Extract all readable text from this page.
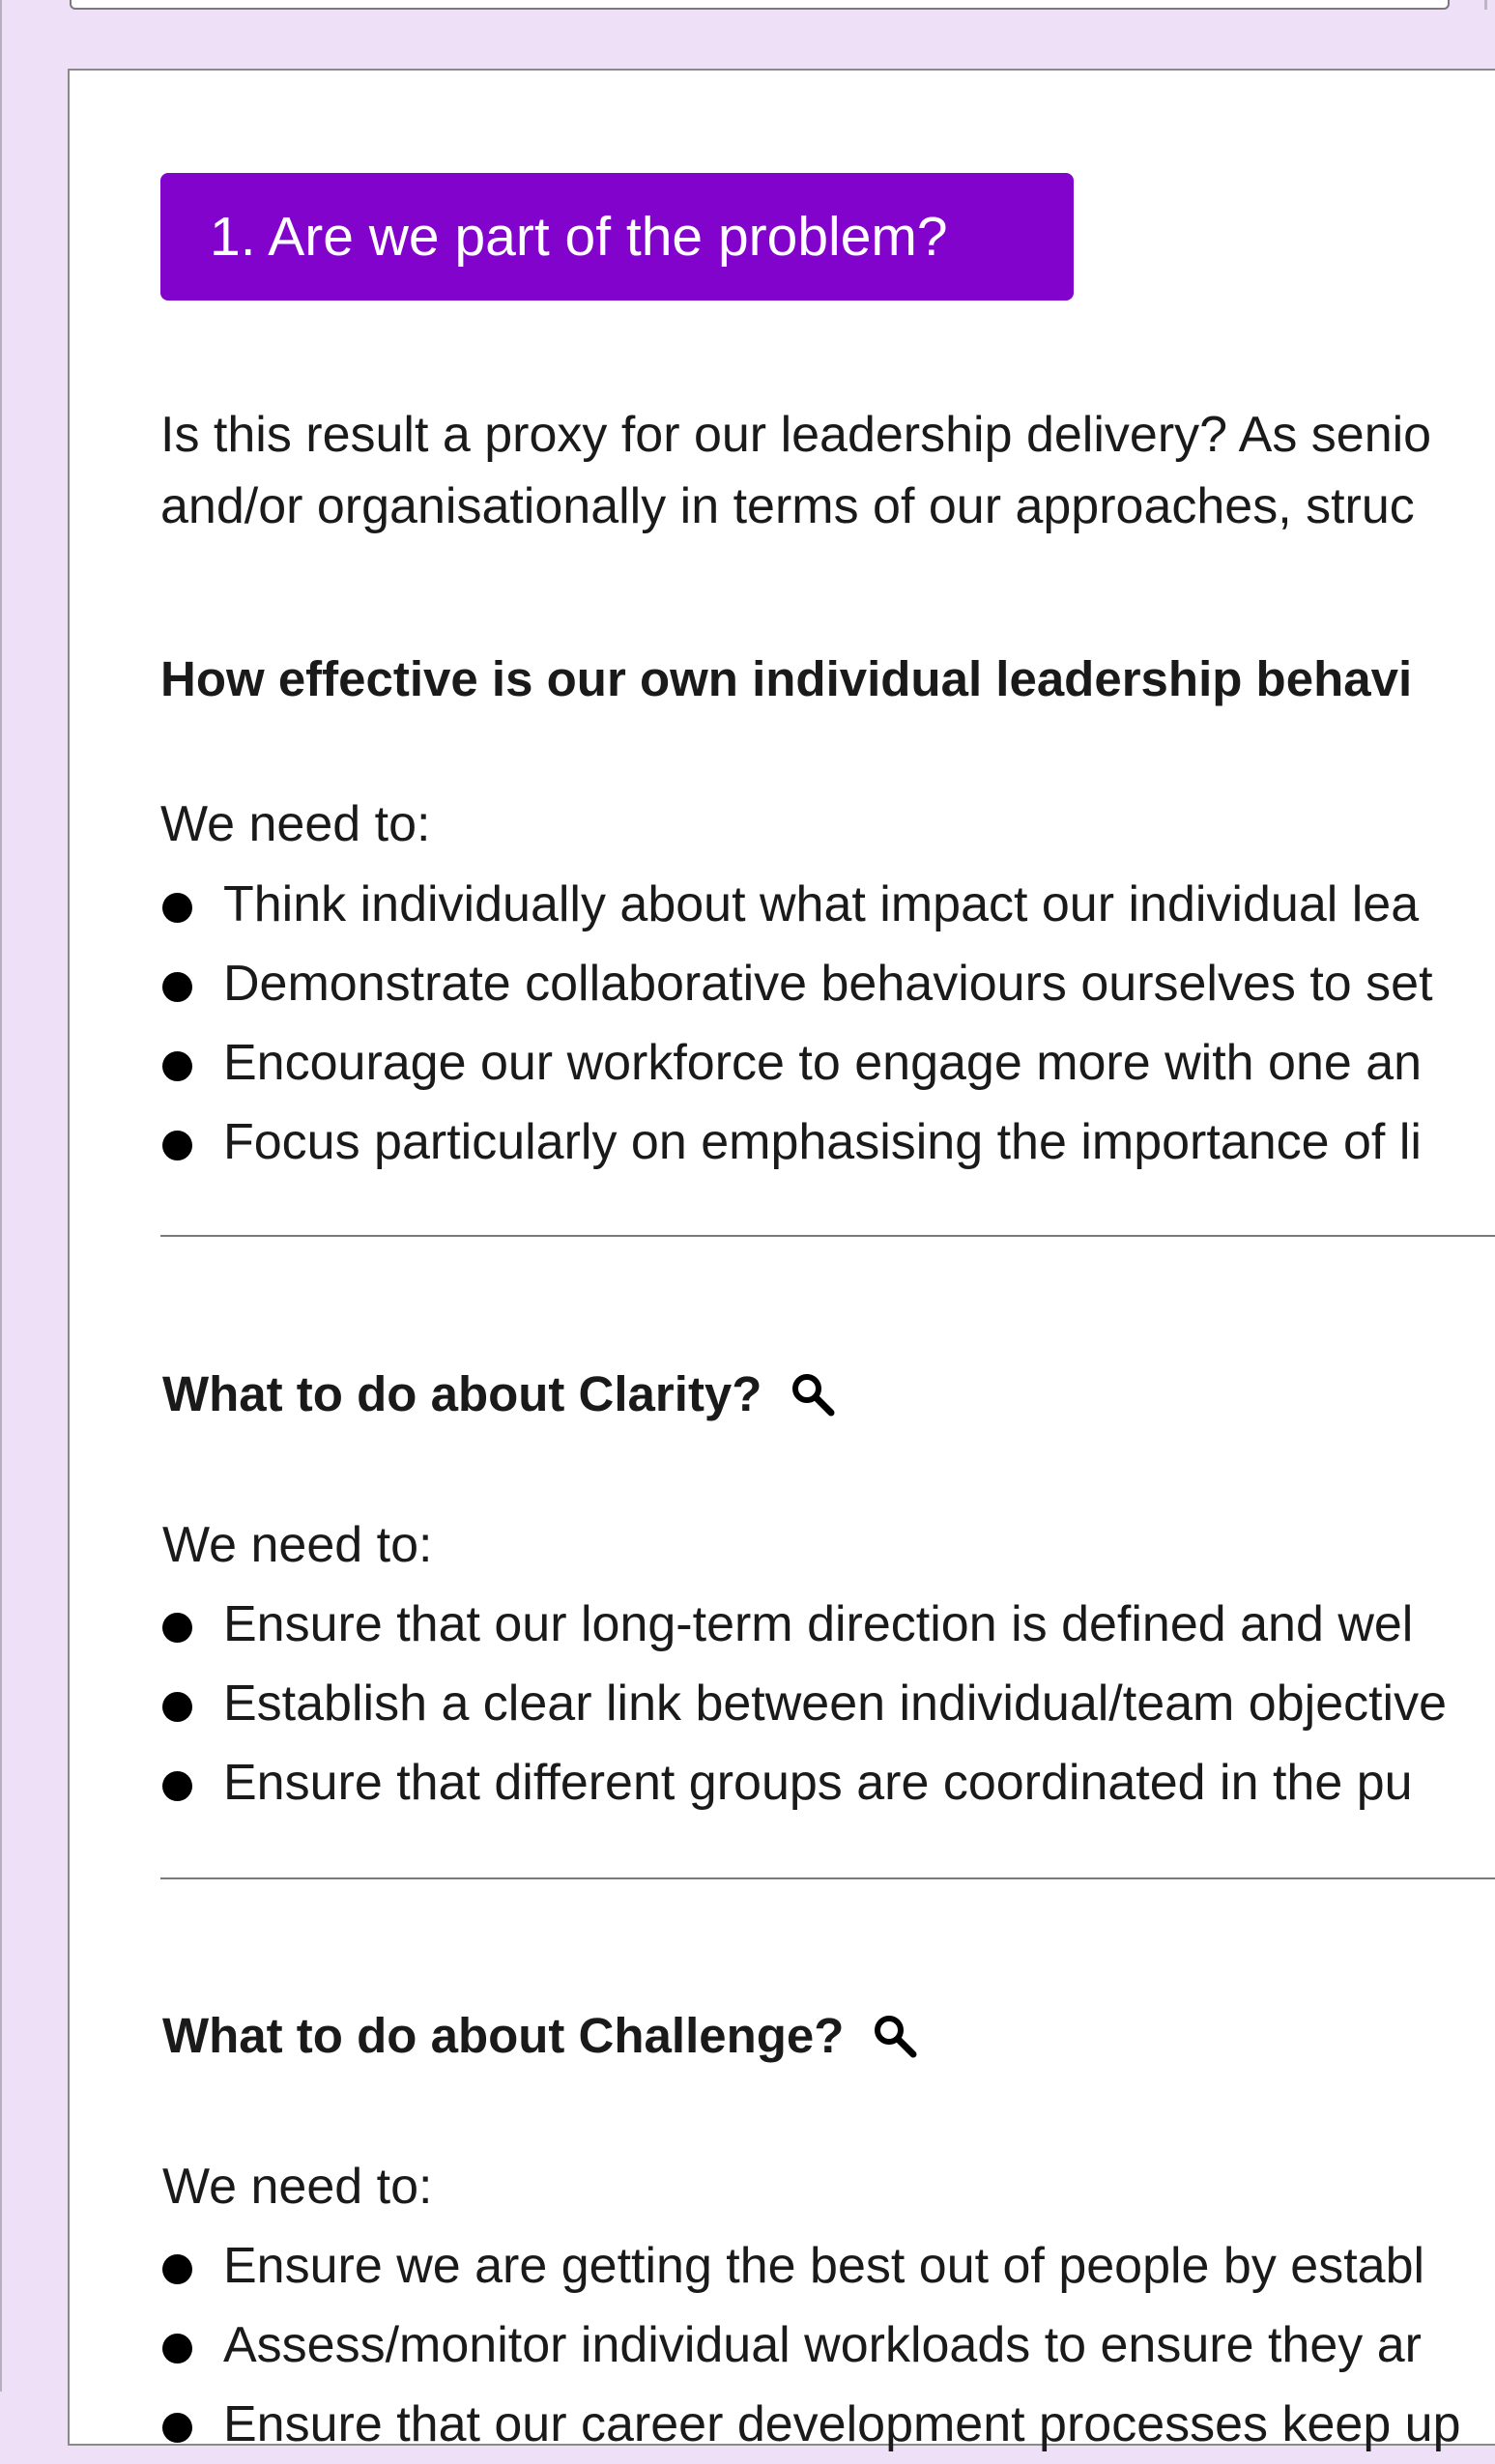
1. Are we part of the problem?
Is this result a proxy for our leadership delivery? As senio
and/or organisationally in terms of our approaches, struc
How effective is our own individual leadership behavi
We need to:
Think individually about what impact our individual lea
Demonstrate collaborative behaviours ourselves to set
Encourage our workforce to engage more with one an
Focus particularly on emphasising the importance of li
What to do about Clarity?
We need to:
Ensure that our long-term direction is defined and wel
Establish a clear link between individual/team objective
Ensure that different groups are coordinated in the pu
What to do about Challenge?
We need to:
Ensure we are getting the best out of people by establ
Assess/monitor individual workloads to ensure they ar
Ensure that our career development processes keep up
